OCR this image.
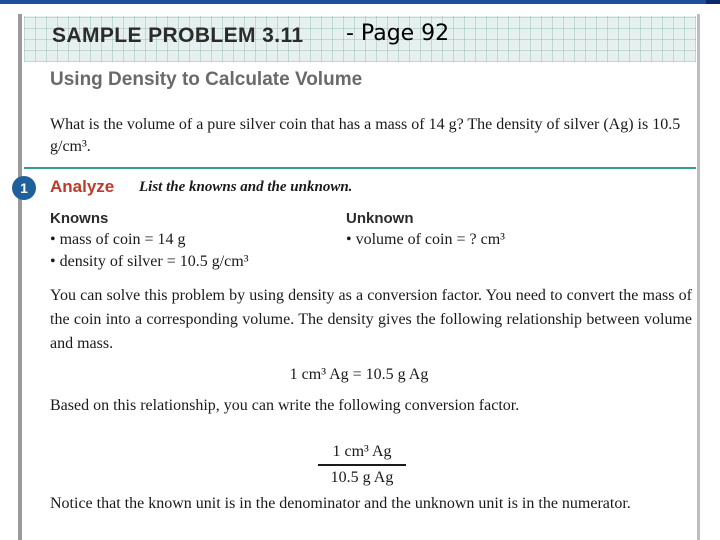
SAMPLE PROBLEM 3.11 - Page 92
Using Density to Calculate Volume
What is the volume of a pure silver coin that has a mass of 14 g? The density of silver (Ag) is 10.5 g/cm³.
1	Analyze List the knowns and the unknown.
Knowns
• mass of coin = 14 g
• density of silver = 10.5 g/cm³
Unknown
• volume of coin = ? cm³
You can solve this problem by using density as a conversion factor. You need to convert the mass of the coin into a corresponding volume. The density gives the following relationship between volume and mass.
1 cm³ Ag = 10.5 g Ag
Based on this relationship, you can write the following conversion factor.
1 cm³ Ag
10.5 g Ag
Notice that the known unit is in the denominator and the unknown unit is in the numerator.
